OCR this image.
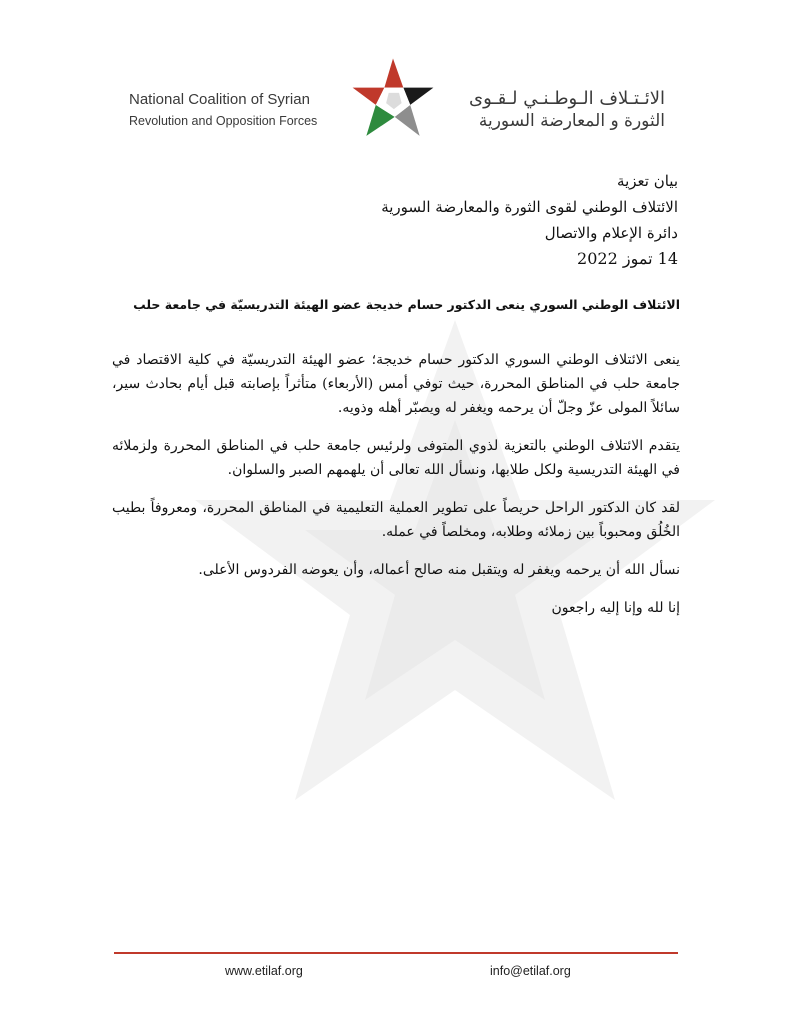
National Coalition of Syrian
Revolution and Opposition Forces
الائـتـلاف الـوطـنـي لـقـوى
الثورة و المعارضة السورية
بيان تعزية
الائتلاف الوطني لقوى الثورة والمعارضة السورية
دائرة الإعلام والاتصال
14 تموز 2022
الائتلاف الوطني السوري ينعى الدكتور حسام خديجة عضو الهيئة التدريسيّة في جامعة حلب

ينعى الائتلاف الوطني السوري الدكتور حسام خديجة؛ عضو الهيئة التدريسيّة في كلية الاقتصاد في جامعة حلب في المناطق المحررة، حيث توفي أمس (الأربعاء) متأثراً بإصابته قبل أيام بحادث سير، سائلاً المولى عزّ وجلّ أن يرحمه ويغفر له ويصبّر أهله وذويه.

يتقدم الائتلاف الوطني بالتعزية لذوي المتوفى ولرئيس جامعة حلب في المناطق المحررة ولزملائه في الهيئة التدريسية ولكل طلابها، ونسأل الله تعالى أن يلهمهم الصبر والسلوان.

لقد كان الدكتور الراحل حريصاً على تطوير العملية التعليمية في المناطق المحررة، ومعروفاً بطيب الخُلُق ومحبوباً بين زملائه وطلابه، ومخلصاً في عمله.

نسأل الله أن يرحمه ويغفر له ويتقبل منه صالح أعماله، وأن يعوضه الفردوس الأعلى.

إنا لله وإنا إليه راجعون

www.etilaf.org	info@etilaf.org
